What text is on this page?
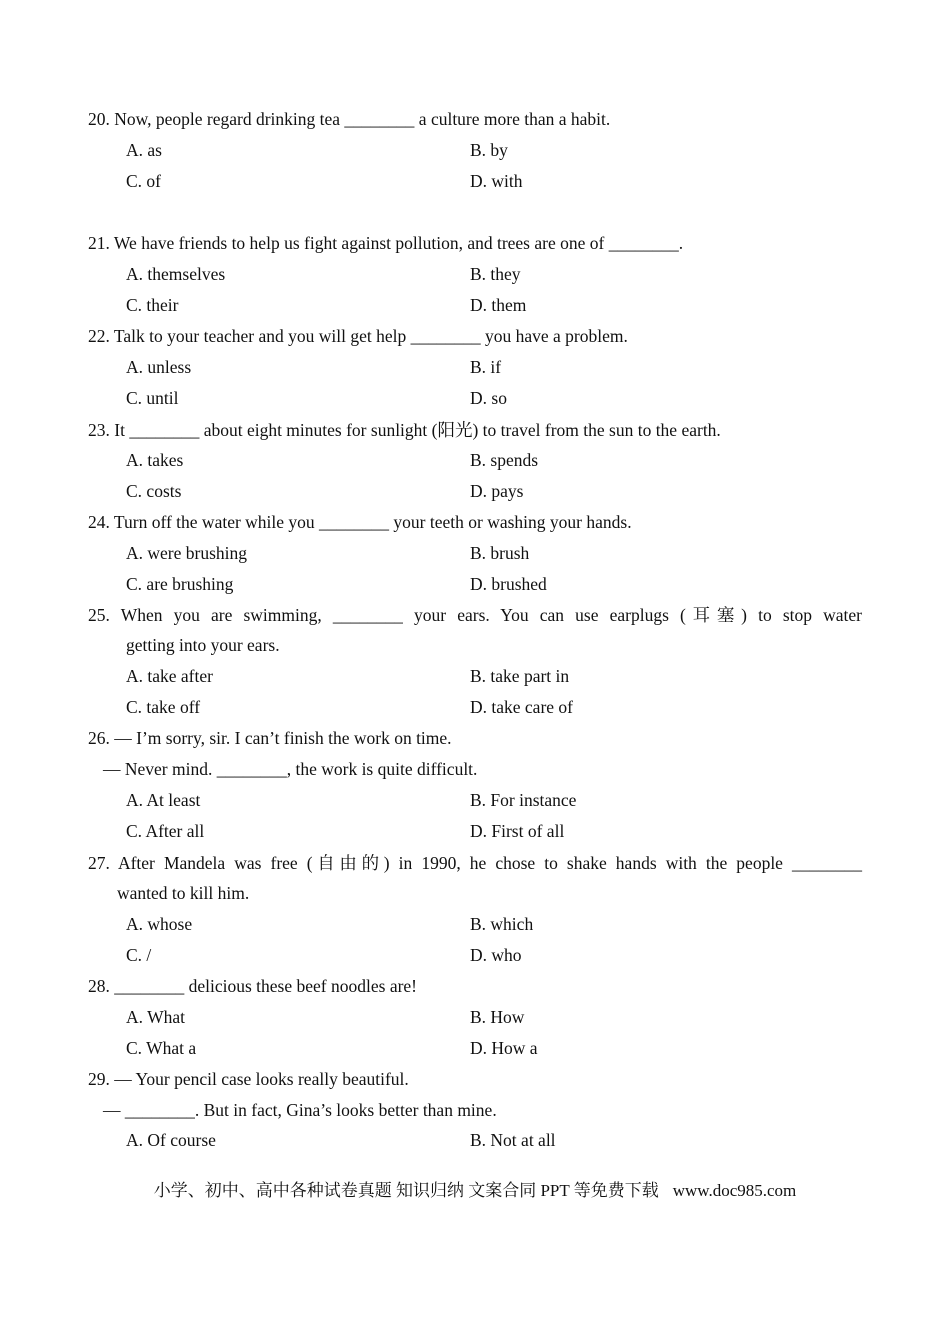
20. Now, people regard drinking tea ________ a culture more than a habit.
A. as	B. by
C. of	D. with
21. We have friends to help us fight against pollution, and trees are one of ________.
A. themselves	B. they
C. their	D. them
22. Talk to your teacher and you will get help ________ you have a problem.
A. unless	B. if
C. until	D. so
23. It ________ about eight minutes for sunlight (阳光) to travel from the sun to the earth.
A. takes	B. spends
C. costs	D. pays
24. Turn off the water while you ________ your teeth or washing your hands.
A. were brushing	B. brush
C. are brushing	D. brushed
25. When you are swimming, ________ your ears. You can use earplugs (耳塞) to stop water
getting into your ears.
A. take after	B. take part in
C. take off	D. take care of
26. — I’m sorry, sir. I can’t finish the work on time.
— Never mind. ________, the work is quite difficult.
A. At least	B. For instance
C. After all	D. First of all
27. After Mandela was free (自由的) in 1990, he chose to shake hands with the people ________
wanted to kill him.
A. whose	B. which
C. /	D. who
28. ________ delicious these beef noodles are!
A. What	B. How
C. What a	D. How a
29. — Your pencil case looks really beautiful.
— ________. But in fact, Gina’s looks better than mine.
A. Of course	B. Not at all
小学、初中、高中各种试卷真题 知识归纳 文案合同 PPT 等免费下载 www.doc985.com
